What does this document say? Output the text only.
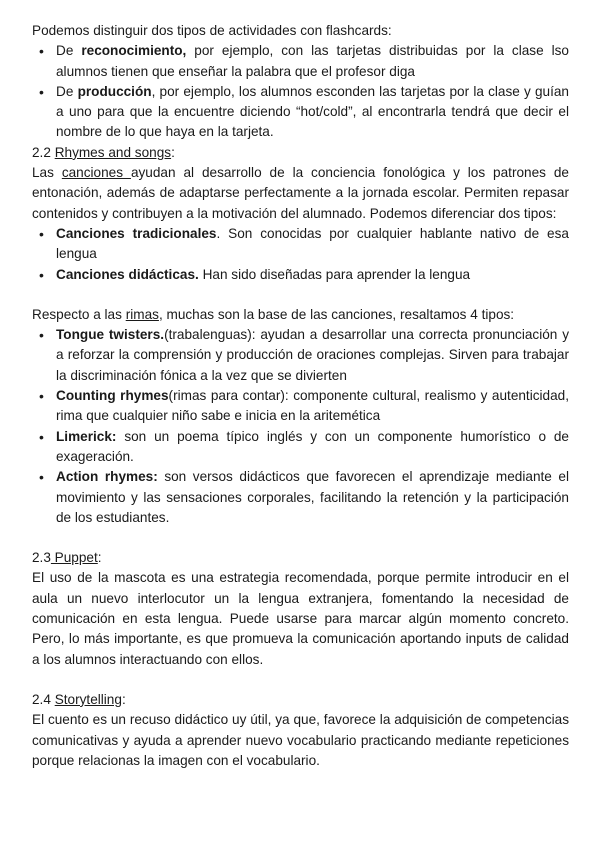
Podemos distinguir dos tipos de actividades con flashcards:

• De reconocimiento, por ejemplo, con las tarjetas distribuidas por la clase lso alumnos tienen que enseñar la palabra que el profesor diga
• De producción, por ejemplo, los alumnos esconden las tarjetas por la clase y guían a uno para que la encuentre diciendo “hot/cold”, al encontrarla tendrá que decir el nombre de lo que haya en la tarjeta.

2.2 Rhymes and songs:

Las canciones ayudan al desarrollo de la conciencia fonológica y los patrones de entonación, además de adaptarse perfectamente a la jornada escolar. Permiten repasar contenidos y contribuyen a la motivación del alumnado. Podemos diferenciar dos tipos:

• Canciones tradicionales. Son conocidas por cualquier hablante nativo de esa lengua
• Canciones didácticas. Han sido diseñadas para aprender la lengua

Respecto a las rimas, muchas son la base de las canciones, resaltamos 4 tipos:

• Tongue twisters.(trabalenguas): ayudan a desarrollar una correcta pronunciación y a reforzar la comprensión y producción de oraciones complejas. Sirven para trabajar la discriminación fónica a la vez que se divierten
• Counting rhymes(rimas para contar): componente cultural, realismo y autenticidad, rima que cualquier niño sabe e inicia en la aritemética
• Limerick: son un poema típico inglés y con un componente humorístico o de exageración.
• Action rhymes: son versos didácticos que favorecen el aprendizaje mediante el movimiento y las sensaciones corporales, facilitando la retención y la participación de los estudiantes.

2.3 Puppet:

El uso de la mascota es una estrategia recomendada, porque permite introducir en el aula un nuevo interlocutor un la lengua extranjera, fomentando la necesidad de comunicación en esta lengua. Puede usarse para marcar algún momento concreto. Pero, lo más importante, es que promueva la comunicación aportando inputs de calidad a los alumnos interactuando con ellos.

2.4 Storytelling:

El cuento es un recuso didáctico uy útil, ya que, favorece la adquisición de competencias comunicativas y ayuda a aprender nuevo vocabulario practicando mediante repeticiones porque relacionas la imagen con el vocabulario.
